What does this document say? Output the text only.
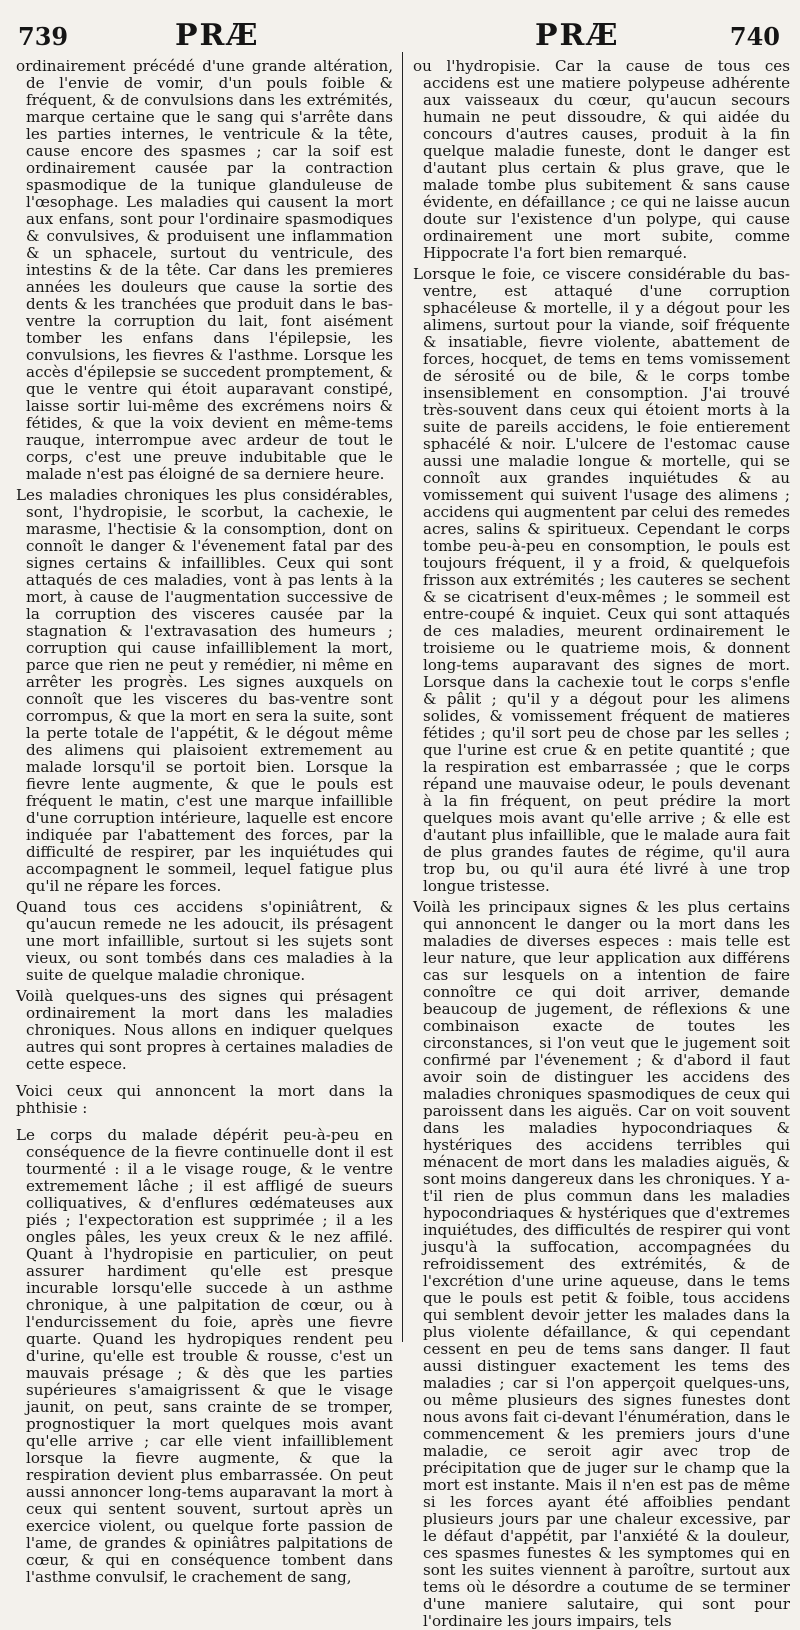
739	PRÆ	PRÆ	740

ordinairement précédé d'une grande altération, de l'envie de vomir, d'un pouls foible & fréquent, & de convulsions dans les extrémités, marque certaine que le sang qui s'arrête dans les parties internes, le ventricule & la tête, cause encore des spasmes ; car la soif est ordinairement causée par la contraction spasmodique de la tunique glanduleuse de l'œsophage. Les maladies qui causent la mort aux enfans, sont pour l'ordinaire spasmodiques & convulsives, & produisent une inflammation & un sphacele, surtout du ventricule, des intestins & de la tête. Car dans les premieres années les douleurs que cause la sortie des dents & les tranchées que produit dans le bas-ventre la corruption du lait, font aisément tomber les enfans dans l'épilepsie, les convulsions, les fievres & l'asthme. Lorsque les accès d'épilepsie se succedent promptement, & que le ventre qui étoit auparavant constipé, laisse sortir lui-même des excrémens noirs & fétides, & que la voix devient en même-tems rauque, interrompue avec ardeur de tout le corps, c'est une preuve indubitable que le malade n'est pas éloigné de sa derniere heure.

Les maladies chroniques les plus considérables, sont, l'hydropisie, le scorbut, la cachexie, le marasme, l'hectisie & la consomption, dont on connoît le danger & l'évenement fatal par des signes certains & infaillibles. Ceux qui sont attaqués de ces maladies, vont à pas lents à la mort, à cause de l'augmentation successive de la corruption des visceres causée par la stagnation & l'extravasation des humeurs ; corruption qui cause infailliblement la mort, parce que rien ne peut y remédier, ni même en arrêter les progrès. Les signes auxquels on connoît que les visceres du bas-ventre sont corrompus, & que la mort en sera la suite, sont la perte totale de l'appétit, & le dégout même des alimens qui plaisoient extremement au malade lorsqu'il se portoit bien. Lorsque la fievre lente augmente, & que le pouls est fréquent le matin, c'est une marque infaillible d'une corruption intérieure, laquelle est encore indiquée par l'abattement des forces, par la difficulté de respirer, par les inquiétudes qui accompagnent le sommeil, lequel fatigue plus qu'il ne répare les forces.

Quand tous ces accidens s'opiniâtrent, & qu'aucun remede ne les adoucit, ils présagent une mort infaillible, surtout si les sujets sont vieux, ou sont tombés dans ces maladies à la suite de quelque maladie chronique.

Voilà quelques-uns des signes qui présagent ordinairement la mort dans les maladies chroniques. Nous allons en indiquer quelques autres qui sont propres à certaines maladies de cette espece.

Voici ceux qui annoncent la mort dans la phthisie :

Le corps du malade dépérit peu-à-peu en conséquence de la fievre continuelle dont il est tourmenté : il a le visage rouge, & le ventre extremement lâche ; il est affligé de sueurs colliquatives, & d'enflures œdémateuses aux piés ; l'expectoration est supprimée ; il a les ongles pâles, les yeux creux & le nez affilé. Quant à l'hydropisie en particulier, on peut assurer hardiment qu'elle est presque incurable lorsqu'elle succede à un asthme chronique, à une palpitation de cœur, ou à l'endurcissement du foie, après une fievre quarte. Quand les hydropiques rendent peu d'urine, qu'elle est trouble & rousse, c'est un mauvais présage ; & dès que les parties supérieures s'amaigrissent & que le visage jaunit, on peut, sans crainte de se tromper, prognostiquer la mort quelques mois avant qu'elle arrive ; car elle vient infailliblement lorsque la fievre augmente, & que la respiration devient plus embarrassée. On peut aussi annoncer long-tems auparavant la mort à ceux qui sentent souvent, surtout après un exercice violent, ou quelque forte passion de l'ame, de grandes & opiniâtres palpitations de cœur, & qui en conséquence tombent dans l'asthme convulsif, le crachement de sang,

ou l'hydropisie. Car la cause de tous ces accidens est une matiere polypeuse adhérente aux vaisseaux du cœur, qu'aucun secours humain ne peut dissoudre, & qui aidée du concours d'autres causes, produit à la fin quelque maladie funeste, dont le danger est d'autant plus certain & plus grave, que le malade tombe plus subitement & sans cause évidente, en défaillance ; ce qui ne laisse aucun doute sur l'existence d'un polype, qui cause ordinairement une mort subite, comme Hippocrate l'a fort bien remarqué.

Lorsque le foie, ce viscere considérable du bas-ventre, est attaqué d'une corruption sphacéleuse & mortelle, il y a dégout pour les alimens, surtout pour la viande, soif fréquente & insatiable, fievre violente, abattement de forces, hocquet, de tems en tems vomissement de sérosité ou de bile, & le corps tombe insensiblement en consomption. J'ai trouvé très-souvent dans ceux qui étoient morts à la suite de pareils accidens, le foie entierement sphacélé & noir. L'ulcere de l'estomac cause aussi une maladie longue & mortelle, qui se connoît aux grandes inquiétudes & au vomissement qui suivent l'usage des alimens ; accidens qui augmentent par celui des remedes acres, salins & spiritueux. Cependant le corps tombe peu-à-peu en consomption, le pouls est toujours fréquent, il y a froid, & quelquefois frisson aux extrémités ; les cauteres se sechent & se cicatrisent d'eux-mêmes ; le sommeil est entre-coupé & inquiet. Ceux qui sont attaqués de ces maladies, meurent ordinairement le troisieme ou le quatrieme mois, & donnent long-tems auparavant des signes de mort. Lorsque dans la cachexie tout le corps s'enfle & pâlit ; qu'il y a dégout pour les alimens solides, & vomissement fréquent de matieres fétides ; qu'il sort peu de chose par les selles ; que l'urine est crue & en petite quantité ; que la respiration est embarrassée ; que le corps répand une mauvaise odeur, le pouls devenant à la fin fréquent, on peut prédire la mort quelques mois avant qu'elle arrive ; & elle est d'autant plus infaillible, que le malade aura fait de plus grandes fautes de régime, qu'il aura trop bu, ou qu'il aura été livré à une trop longue tristesse.

Voilà les principaux signes & les plus certains qui annoncent le danger ou la mort dans les maladies de diverses especes : mais telle est leur nature, que leur application aux différens cas sur lesquels on a intention de faire connoître ce qui doit arriver, demande beaucoup de jugement, de réflexions & une combinaison exacte de toutes les circonstances, si l'on veut que le jugement soit confirmé par l'évenement ; & d'abord il faut avoir soin de distinguer les accidens des maladies chroniques spasmodiques de ceux qui paroissent dans les aiguës. Car on voit souvent dans les maladies hypocondriaques & hystériques des accidens terribles qui ménacent de mort dans les maladies aiguës, & sont moins dangereux dans les chroniques. Y a-t'il rien de plus commun dans les maladies hypocondriaques & hystériques que d'extremes inquiétudes, des difficultés de respirer qui vont jusqu'à la suffocation, accompagnées du refroidissement des extrémités, & de l'excrétion d'une urine aqueuse, dans le tems que le pouls est petit & foible, tous accidens qui semblent devoir jetter les malades dans la plus violente défaillance, & qui cependant cessent en peu de tems sans danger. Il faut aussi distinguer exactement les tems des maladies ; car si l'on apperçoit quelques-uns, ou même plusieurs des signes funestes dont nous avons fait ci-devant l'énumération, dans le commencement & les premiers jours d'une maladie, ce seroit agir avec trop de précipitation que de juger sur le champ que la mort est instante. Mais il n'en est pas de même si les forces ayant été affoiblies pendant plusieurs jours par une chaleur excessive, par le défaut d'appétit, par l'anxiété & la douleur, ces spasmes funestes & les symptomes qui en sont les suites viennent à paroître, surtout aux tems où le désordre a coutume de se terminer d'une maniere salutaire, qui sont pour l'ordinaire les jours impairs, tels
